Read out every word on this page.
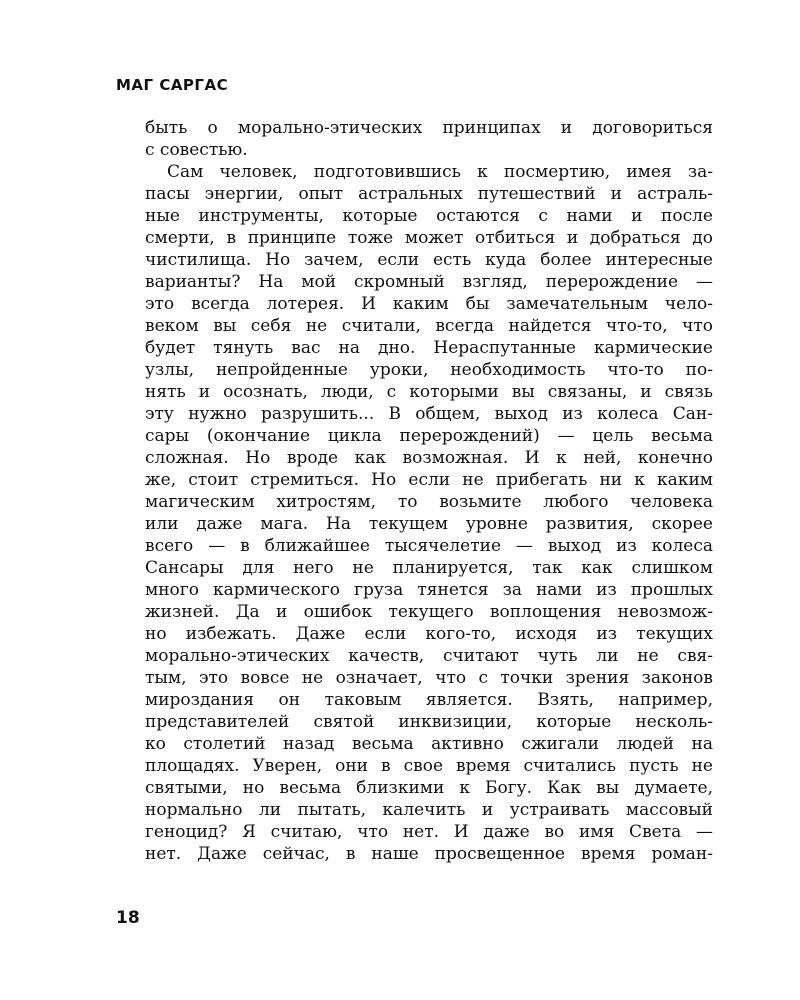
МАГ САРГАС
быть о морально-этических принципах и договориться
с совестью.
Сам человек, подготовившись к посмертию, имея за-
пасы энергии, опыт астральных путешествий и астраль-
ные инструменты, которые остаются с нами и после
смерти, в принципе тоже может отбиться и добраться до
чистилища. Но зачем, если есть куда более интересные
варианты? На мой скромный взгляд, перерождение —
это всегда лотерея. И каким бы замечательным чело-
веком вы себя не считали, всегда найдется что-то, что
будет тянуть вас на дно. Нераспутанные кармические
узлы, непройденные уроки, необходимость что-то по-
нять и осознать, люди, с которыми вы связаны, и связь
эту нужно разрушить... В общем, выход из колеса Сан-
сары (окончание цикла перерождений) — цель весьма
сложная. Но вроде как возможная. И к ней, конечно
же, стоит стремиться. Но если не прибегать ни к каким
магическим хитростям, то возьмите любого человека
или даже мага. На текущем уровне развития, скорее
всего — в ближайшее тысячелетие — выход из колеса
Сансары для него не планируется, так как слишком
много кармического груза тянется за нами из прошлых
жизней. Да и ошибок текущего воплощения невозмож-
но избежать. Даже если кого-то, исходя из текущих
морально-этических качеств, считают чуть ли не свя-
тым, это вовсе не означает, что с точки зрения законов
мироздания он таковым является. Взять, например,
представителей святой инквизиции, которые несколь-
ко столетий назад весьма активно сжигали людей на
площадях. Уверен, они в свое время считались пусть не
святыми, но весьма близкими к Богу. Как вы думаете,
нормально ли пытать, калечить и устраивать массовый
геноцид? Я считаю, что нет. И даже во имя Света —
нет. Даже сейчас, в наше просвещенное время роман-
18
